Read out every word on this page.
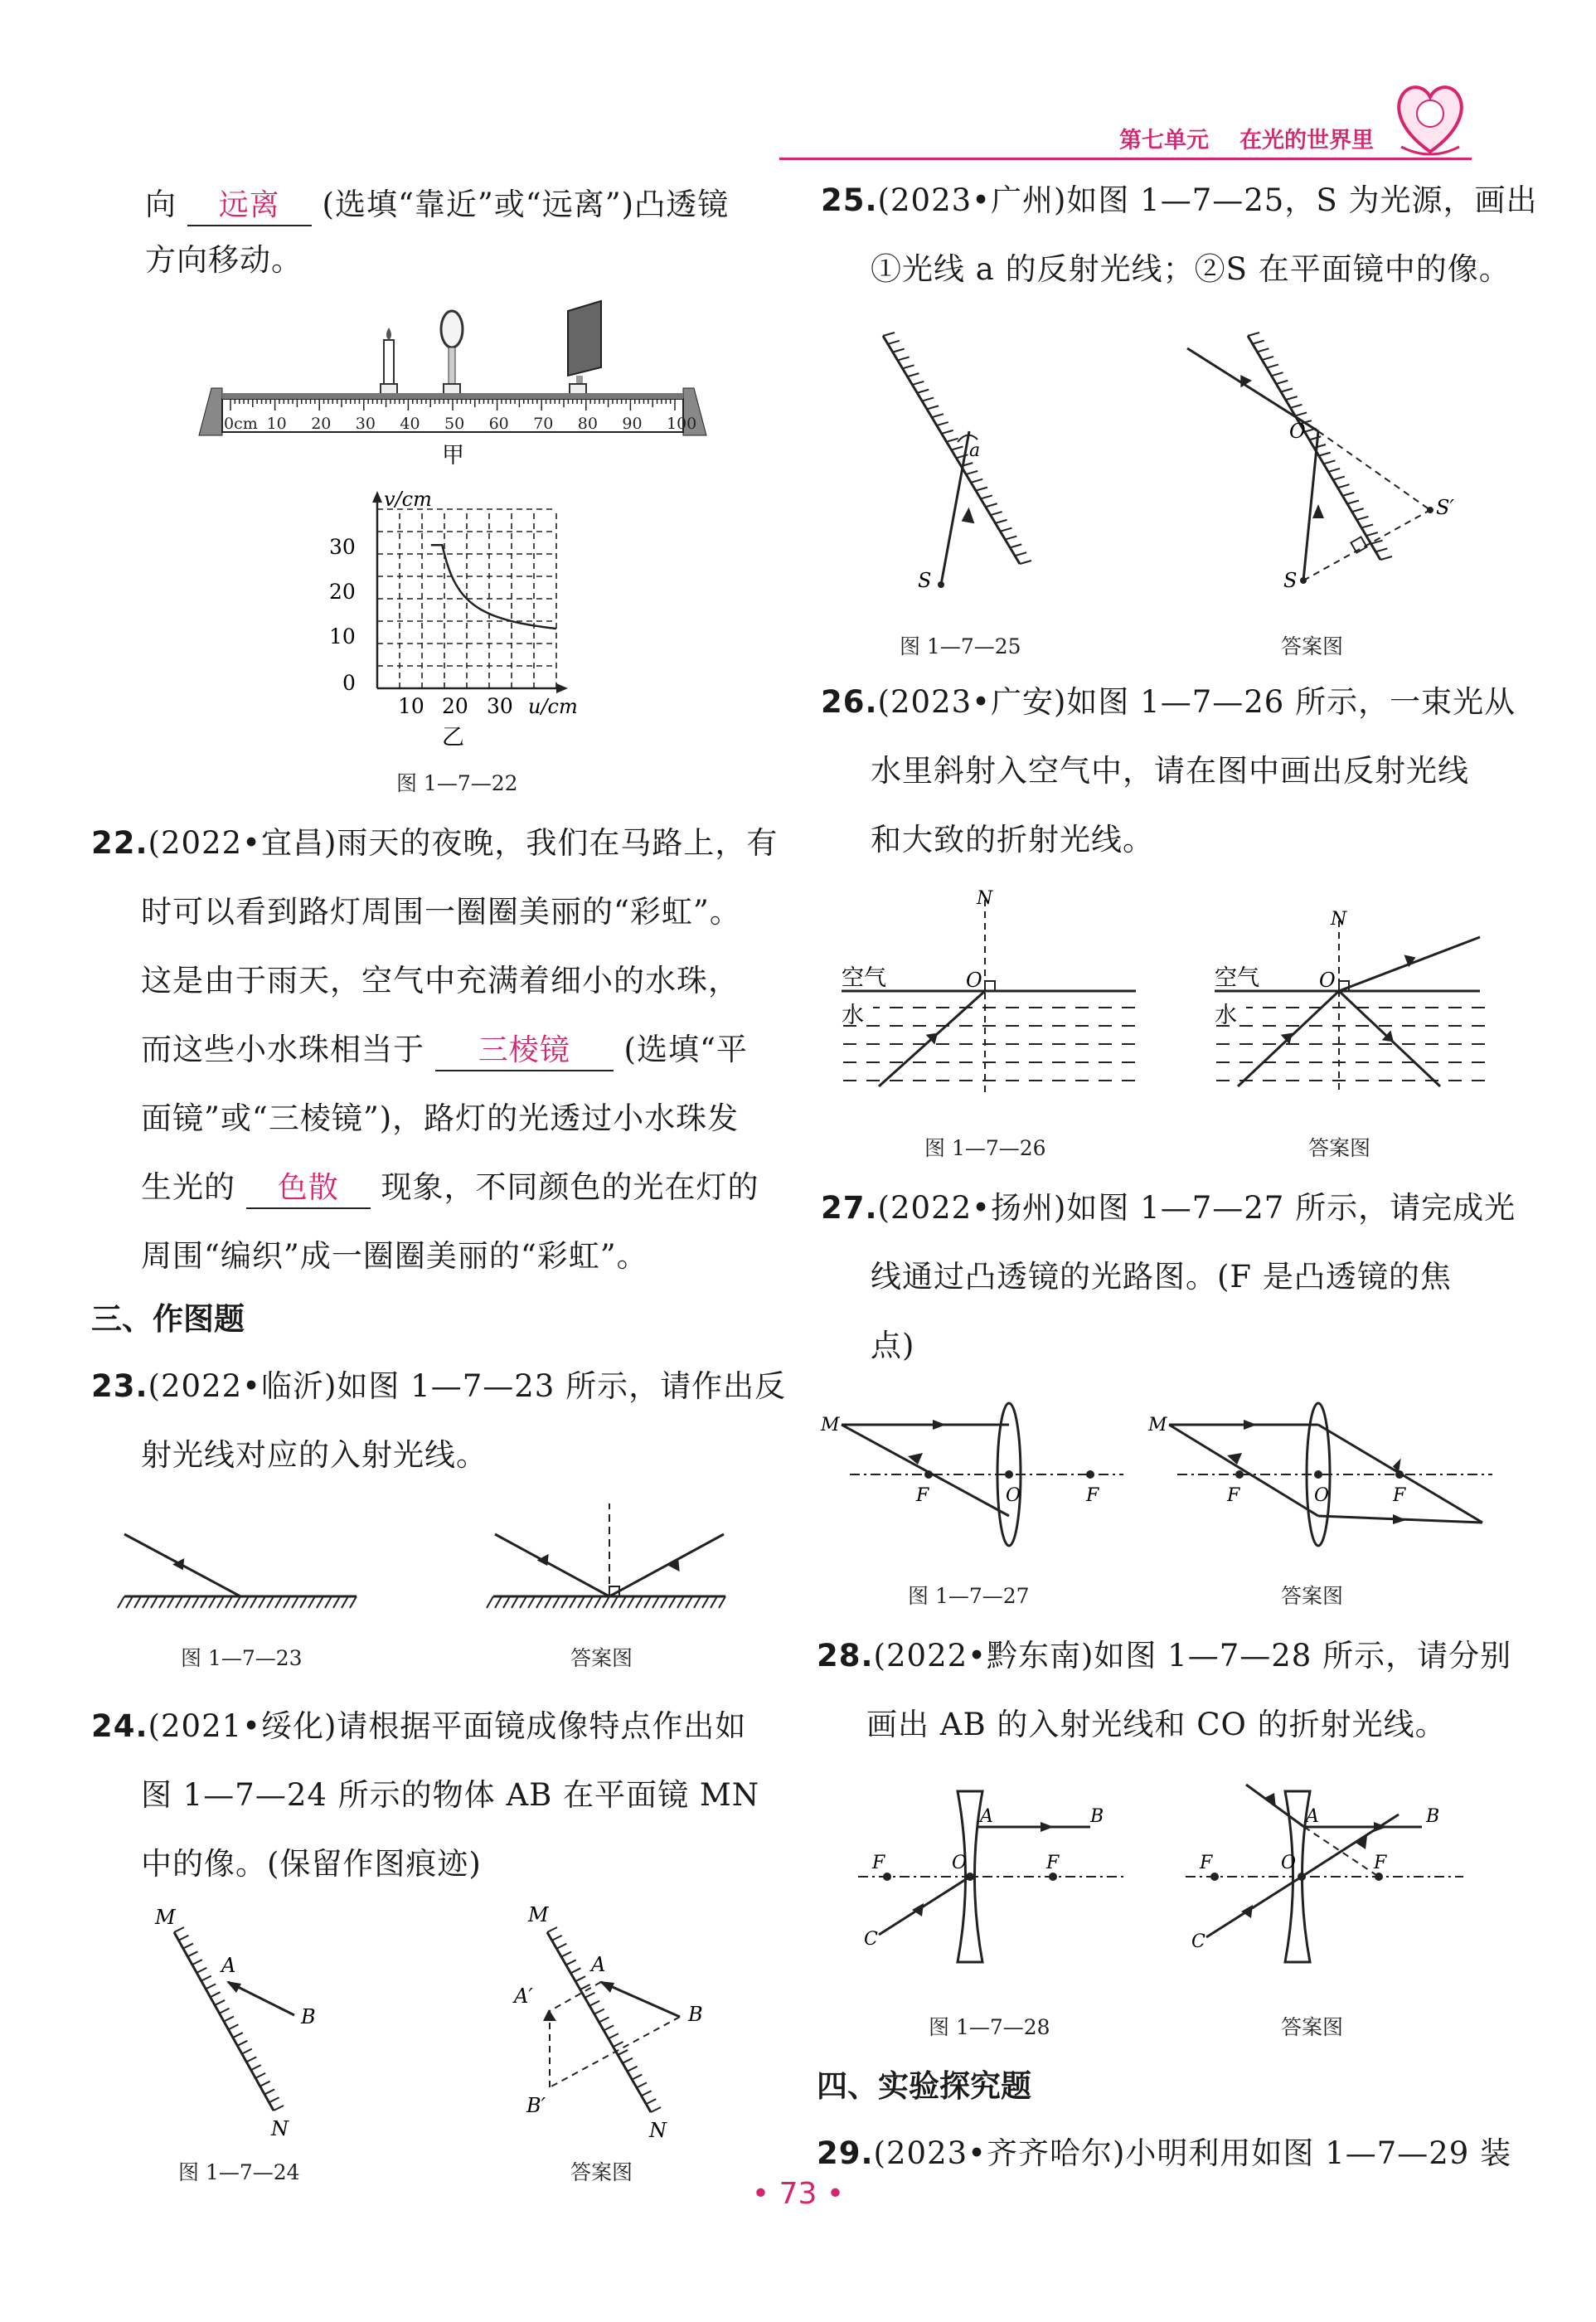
第七单元 在光的世界里
向 远离 (选填“靠近”或“远离”)凸透镜
方向移动。
0cm 10 20 30 40 50 60 70 80 90 100
甲
v/cm
u/cm
30
20
10
0
10 20 30
乙
图 1—7—22
22.(2022•宜昌)雨天的夜晚，我们在马路上，有
时可以看到路灯周围一圈圈美丽的“彩虹”。
这是由于雨天，空气中充满着细小的水珠，
而这些小水珠相当于 三棱镜 (选填“平
面镜”或“三棱镜”)，路灯的光透过小水珠发
生光的 色散 现象，不同颜色的光在灯的
周围“编织”成一圈圈美丽的“彩虹”。
三、作图题
23.(2022•临沂)如图 1—7—23 所示，请作出反
射光线对应的入射光线。
图 1—7—23	答案图
24.(2021•绥化)请根据平面镜成像特点作出如
图 1—7—24 所示的物体 AB 在平面镜 MN
中的像。(保留作图痕迹)
M
A
B
N
M
A
B
A′
B′
N
图 1—7—24	答案图
25.(2023•广州)如图 1—7—25，S 为光源，画出
①光线 a 的反射光线；②S 在平面镜中的像。
a
S
O
S
S′
图 1—7—25	答案图
26.(2023•广安)如图 1—7—26 所示，一束光从
水里斜射入空气中，请在图中画出反射光线
和大致的折射光线。
N
O
空气
水
N
O
空气
水
图 1—7—26	答案图
27.(2022•扬州)如图 1—7—27 所示，请完成光
线通过凸透镜的光路图。(F 是凸透镜的焦
点)
M
F	O	F
M
F	O	F
图 1—7—27	答案图
28.(2022•黔东南)如图 1—7—28 所示，请分别
画出 AB 的入射光线和 CO 的折射光线。
A	B
F	O	F
C
A	B
F	O	F
C
图 1—7—28	答案图
四、实验探究题
29.(2023•齐齐哈尔)小明利用如图 1—7—29 装
• 73 •
